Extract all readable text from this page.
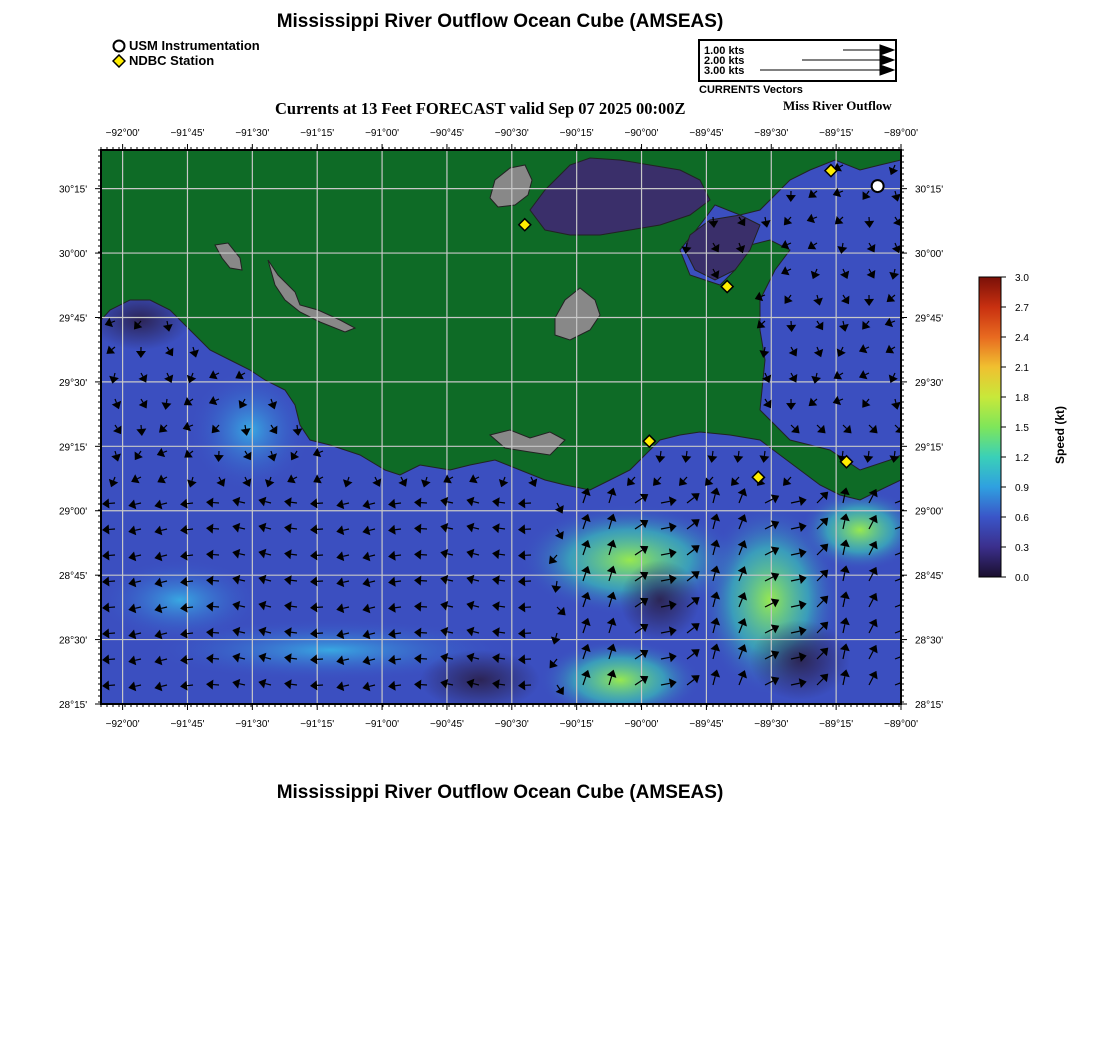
Mississippi River Outflow Ocean Cube (AMSEAS)
USM Instrumentation
NDBC Station
1.00 kts
2.00 kts
3.00 kts
CURRENTS Vectors
Currents at 13 Feet FORECAST valid Sep 07 2025 00:00Z	Miss River Outflow
−92°00'
−92°00'
−91°45'
−91°45'
−91°30'
−91°30'
−91°15'
−91°15'
−91°00'
−91°00'
−90°45'
−90°45'
−90°30'
−90°30'
−90°15'
−90°15'
−90°00'
−90°00'
−89°45'
−89°45'
−89°30'
−89°30'
−89°15'
−89°15'
−89°00'
−89°00'
30°15'	30°15'
30°00'	30°00'
29°45'	29°45'
29°30'	29°30'
29°15'	29°15'
29°00'	29°00'
28°45'	28°45'
28°30'	28°30'
28°15'	28°15'
3.0
2.7
2.4
2.1
1.8
1.5
1.2
0.9
0.6
0.3
0.0
Speed (kt)
Mississippi River Outflow Ocean Cube (AMSEAS)
